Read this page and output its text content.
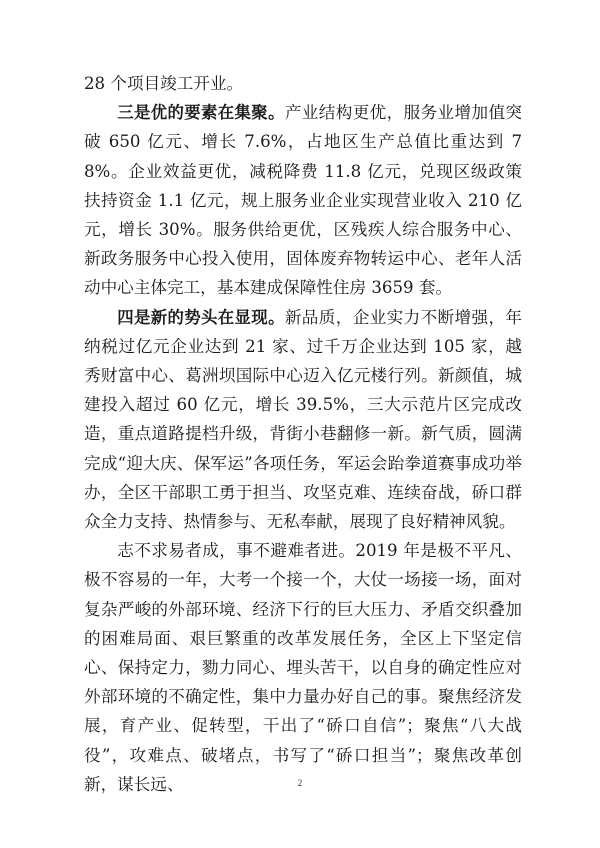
28 个项目竣工开业。

三是优的要素在集聚。产业结构更优，服务业增加值突破 650 亿元、增长 7.6%，占地区生产总值比重达到 78%。企业效益更优，减税降费 11.8 亿元，兑现区级政策扶持资金 1.1 亿元，规上服务业企业实现营业收入 210 亿元，增长 30%。服务供给更优，区残疾人综合服务中心、新政务服务中心投入使用，固体废弃物转运中心、老年人活动中心主体完工，基本建成保障性住房 3659 套。

四是新的势头在显现。新品质，企业实力不断增强，年纳税过亿元企业达到 21 家、过千万企业达到 105 家，越秀财富中心、葛洲坝国际中心迈入亿元楼行列。新颜值，城建投入超过 60 亿元，增长 39.5%，三大示范片区完成改造，重点道路提档升级，背街小巷翻修一新。新气质，圆满完成“迎大庆、保军运”各项任务，军运会跆拳道赛事成功举办，全区干部职工勇于担当、攻坚克难、连续奋战，硚口群众全力支持、热情参与、无私奉献，展现了良好精神风貌。

志不求易者成，事不避难者进。2019 年是极不平凡、极不容易的一年，大考一个接一个，大仗一场接一场，面对复杂严峻的外部环境、经济下行的巨大压力、矛盾交织叠加的困难局面、艰巨繁重的改革发展任务，全区上下坚定信心、保持定力，勠力同心、埋头苦干，以自身的确定性应对外部环境的不确定性，集中力量办好自己的事。聚焦经济发展，育产业、促转型，干出了“硚口自信”；聚焦“八大战役”，攻难点、破堵点，书写了“硚口担当”；聚焦改革创新，谋长远、	2
